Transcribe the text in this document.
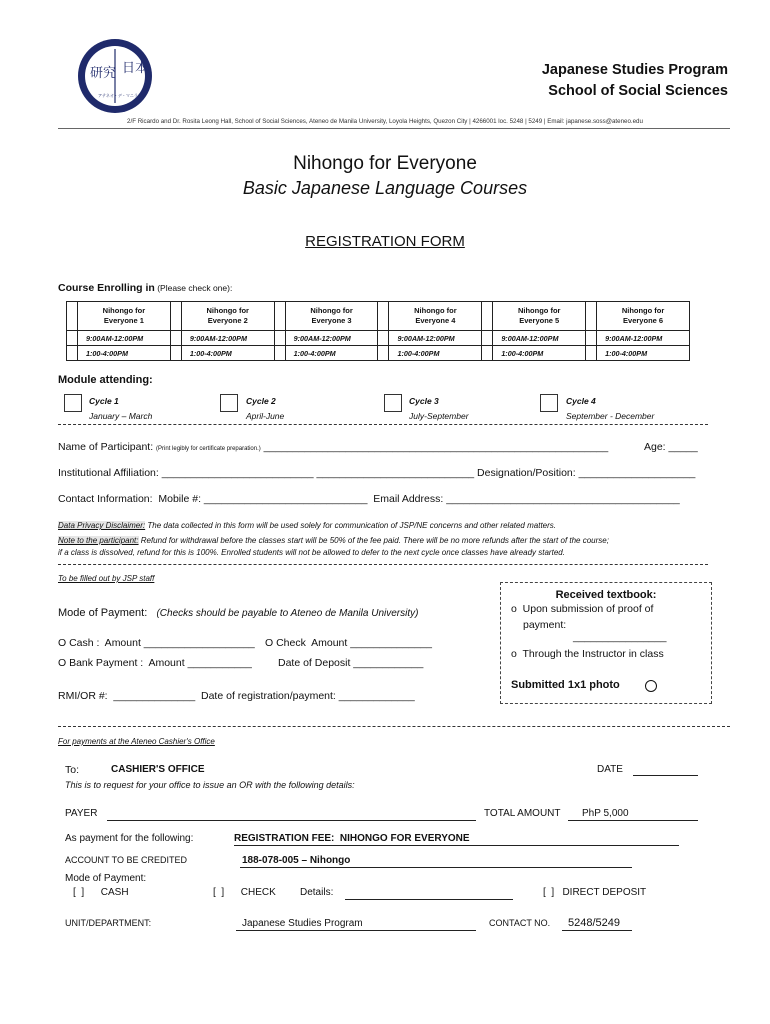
日本
研究
アテネオ・デ・マニラ大学
Japanese Studies Program
School of Social Sciences
2/F Ricardo and Dr. Rosita Leong Hall, School of Social Sciences, Ateneo de Manila University, Loyola Heights, Quezon City | 4266001 loc. 5248 | 5249 | Email: japanese.soss@ateneo.edu
Nihongo for Everyone
Basic Japanese Language Courses
REGISTRATION FORM
Course Enrolling in (Please check one):
	Nihongo for
Everyone 1		Nihongo for
Everyone 2		Nihongo for
Everyone 3		Nihongo for
Everyone 4		Nihongo for
Everyone 5		Nihongo for
Everyone 6
	9:00AM-12:00PM		9:00AM-12:00PM		9:00AM-12:00PM		9:00AM-12:00PM		9:00AM-12:00PM		9:00AM-12:00PM
	1:00-4:00PM		1:00-4:00PM		1:00-4:00PM		1:00-4:00PM		1:00-4:00PM		1:00-4:00PM
Module attending:
Cycle 1
January – March
Cycle 2
April-June
Cycle 3
July-September
Cycle 4
September - December
Name of Participant: (Print legibly for certificate preparation.) ___________________________________________________________	Age: _____
Institutional Affiliation: __________________________ ___________________________ Designation/Position: ____________________
Contact Information:  Mobile #: ____________________________  Email Address: ________________________________________
Data Privacy Disclaimer: The data collected in this form will be used solely for communication of JSP/NE concerns and other related matters.
Note to the participant: Refund for withdrawal before the classes start will be 50% of the fee paid. There will be no more refunds after the start of the course;
if a class is dissolved, refund for this is 100%. Enrolled students will not be allowed to defer to the next cycle once classes have already started.
To be filled out by JSP staff
Mode of Payment: (Checks should be payable to Ateneo de Manila University)
O Cash :  Amount ___________________ O Check  Amount ______________
O Bank Payment :  Amount ___________ Date of Deposit ____________
RMI/OR #:  ______________  Date of registration/payment: _____________
Received textbook:
o  Upon submission of proof of
payment:
________________
o  Through the Instructor in class
Submitted 1x1 photo
For payments at the Ateneo Cashier's Office
To:	CASHIER'S OFFICE	DATE
This is to request for your office to issue an OR with the following details:
PAYER	TOTAL AMOUNT PhP 5,000
As payment for the following:	REGISTRATION FEE:  NIHONGO FOR EVERYONE
ACCOUNT TO BE CREDITED	188-078-005 – Nihongo
Mode of Payment:
[  ]      CASH	[  ]      CHECK Details:	[  ]   DIRECT DEPOSIT
UNIT/DEPARTMENT:	Japanese Studies Program	CONTACT NO. 5248/5249
